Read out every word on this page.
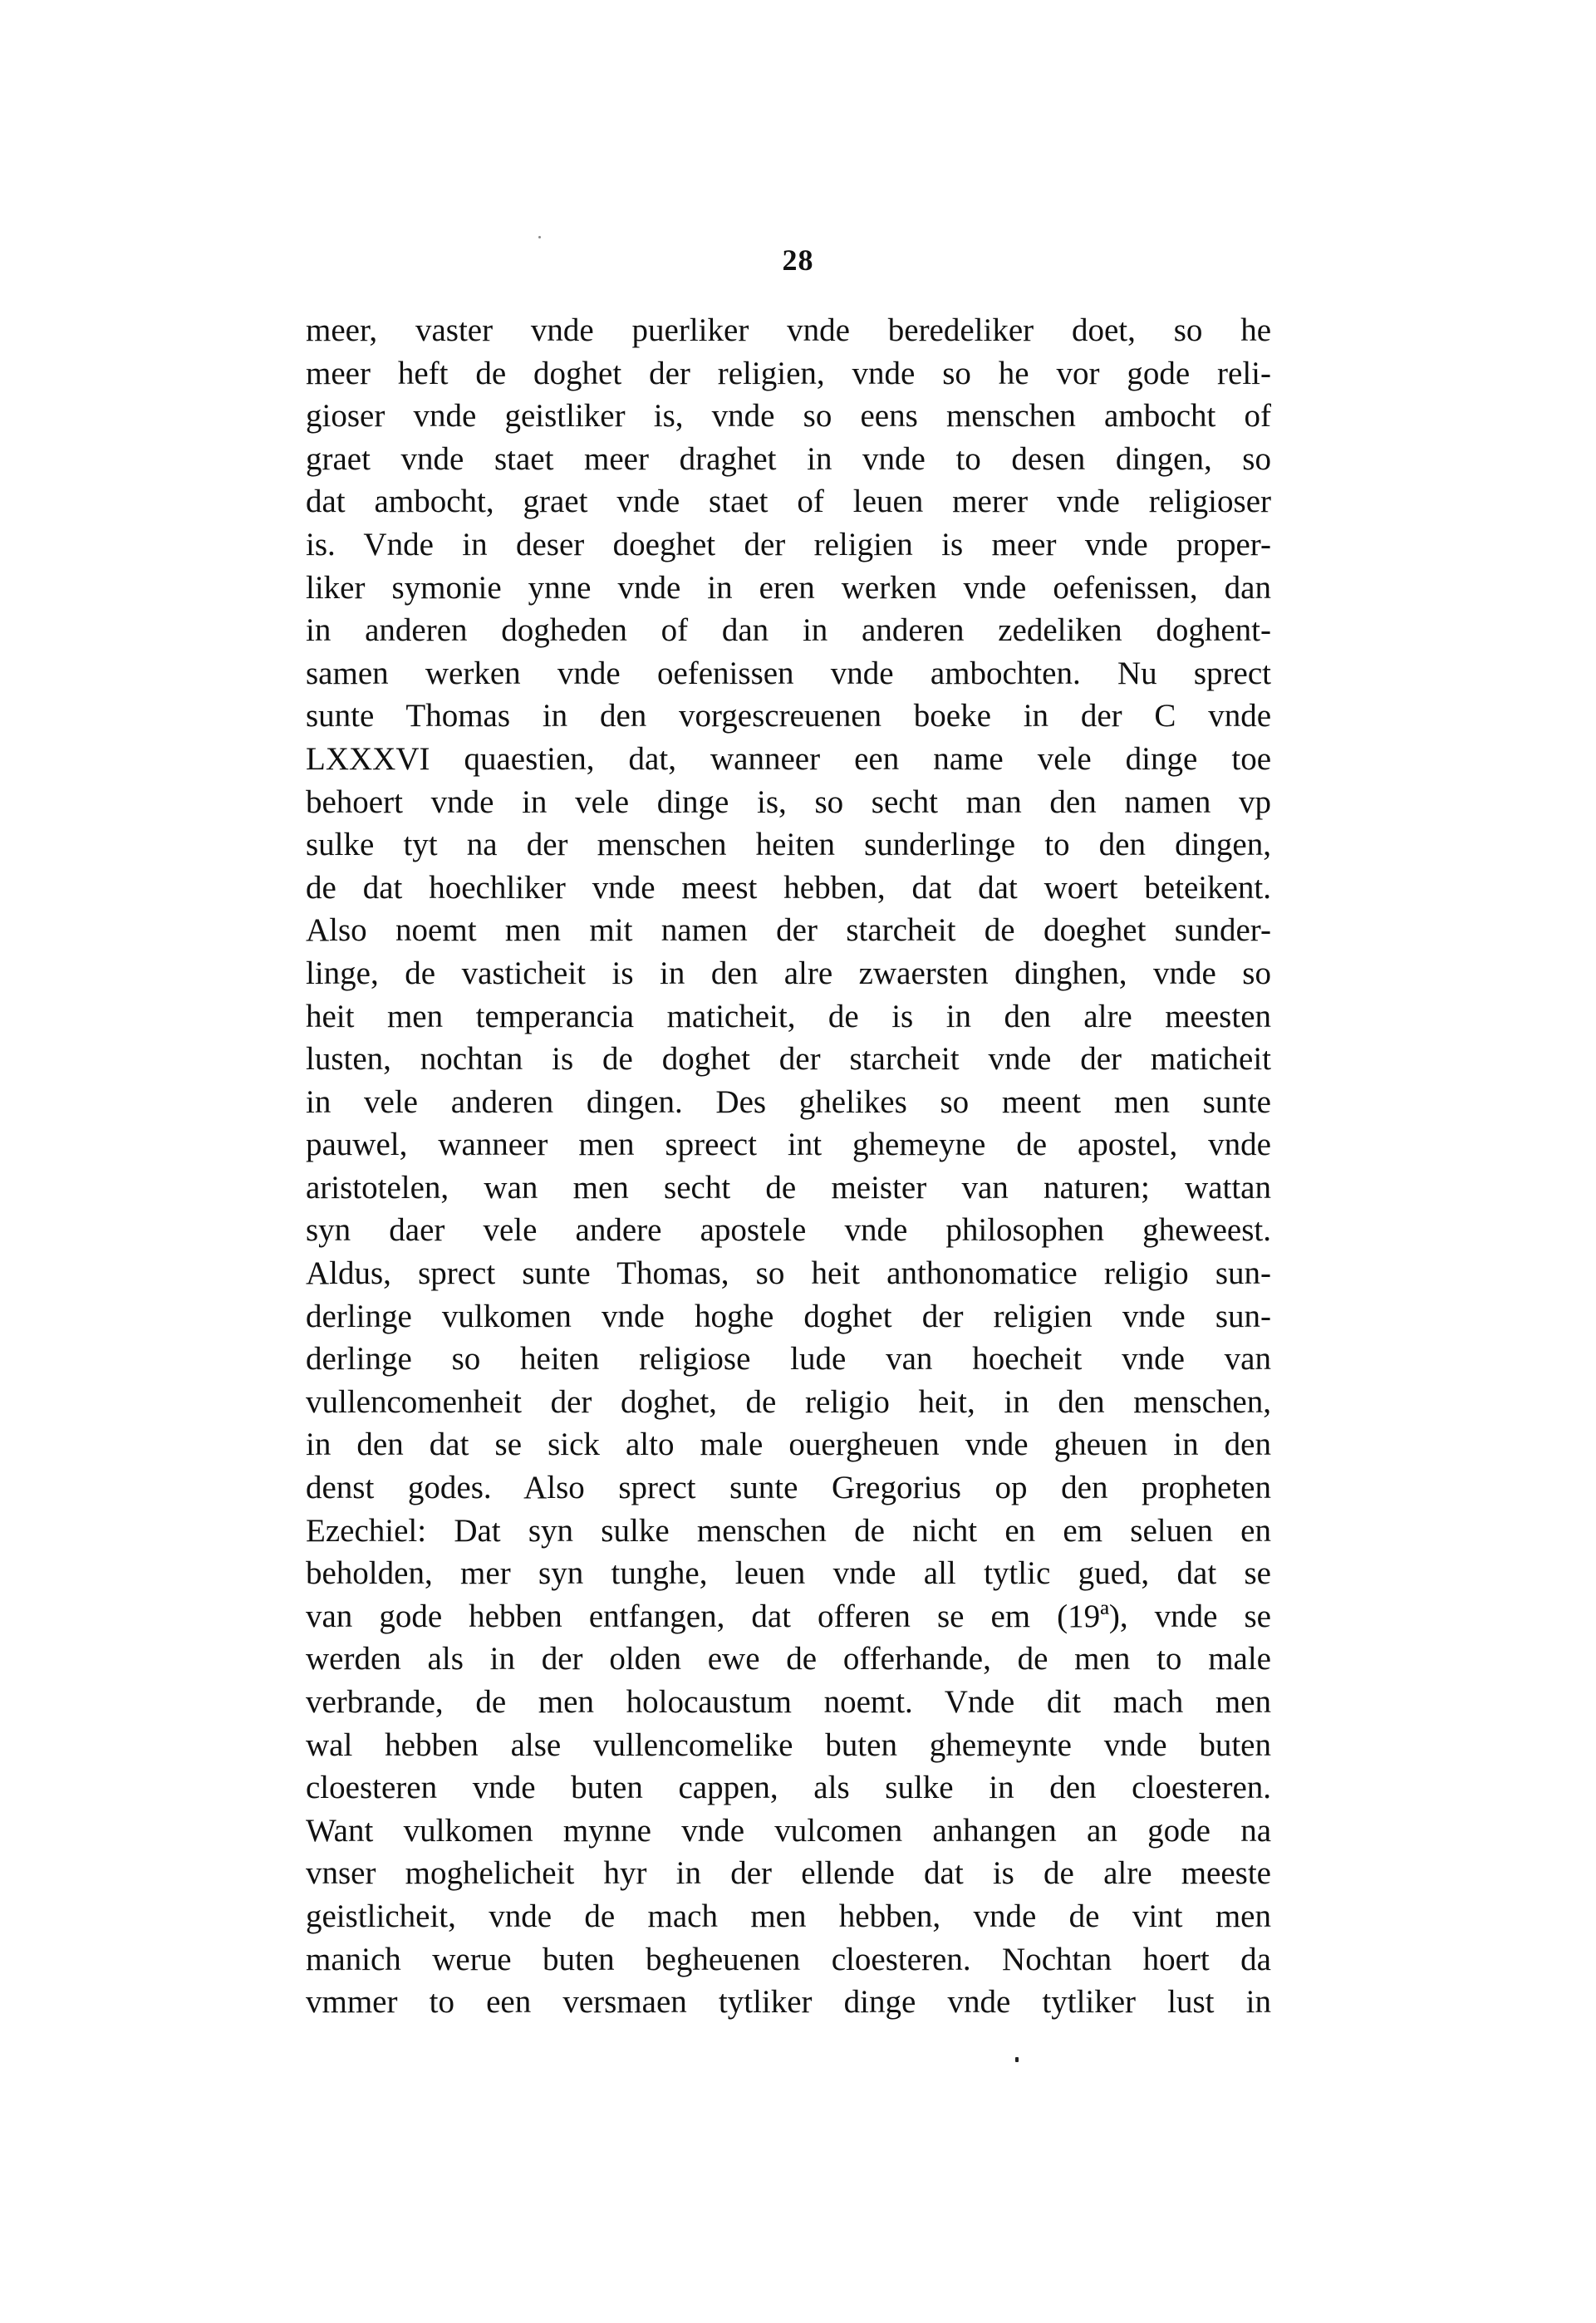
28
meer, vaster vnde puerliker vnde beredeliker doet, so he
meer heft de doghet der religien, vnde so he vor gode reli-
gioser vnde geistliker is, vnde so eens menschen ambocht of
graet vnde staet meer draghet in vnde to desen dingen, so
dat ambocht, graet vnde staet of leuen merer vnde religioser
is. Vnde in deser doeghet der religien is meer vnde proper-
liker symonie ynne vnde in eren werken vnde oefenissen, dan
in anderen dogheden of dan in anderen zedeliken doghent-
samen werken vnde oefenissen vnde ambochten. Nu sprect
sunte Thomas in den vorgescreuenen boeke in der C vnde
LXXXVI quaestien, dat, wanneer een name vele dinge toe
behoert vnde in vele dinge is, so secht man den namen vp
sulke tyt na der menschen heiten sunderlinge to den dingen,
de dat hoechliker vnde meest hebben, dat dat woert beteikent.
Also noemt men mit namen der starcheit de doeghet sunder-
linge, de vasticheit is in den alre zwaersten dinghen, vnde so
heit men temperancia maticheit, de is in den alre meesten
lusten, nochtan is de doghet der starcheit vnde der maticheit
in vele anderen dingen. Des ghelikes so meent men sunte
pauwel, wanneer men spreect int ghemeyne de apostel, vnde
aristotelen, wan men secht de meister van naturen; wattan
syn daer vele andere apostele vnde philosophen gheweest.
Aldus, sprect sunte Thomas, so heit anthonomatice religio sun-
derlinge vulkomen vnde hoghe doghet der religien vnde sun-
derlinge so heiten religiose lude van hoecheit vnde van
vullencomenheit der doghet, de religio heit, in den menschen,
in den dat se sick alto male ouergheuen vnde gheuen in den
denst godes. Also sprect sunte Gregorius op den propheten
Ezechiel: Dat syn sulke menschen de nicht en em seluen en
beholden, mer syn tunghe, leuen vnde all tytlic gued, dat se
van gode hebben entfangen, dat offeren se em (19ª), vnde se
werden als in der olden ewe de offerhande, de men to male
verbrande, de men holocaustum noemt. Vnde dit mach men
wal hebben alse vullencomelike buten ghemeynte vnde buten
cloesteren vnde buten cappen, als sulke in den cloesteren.
Want vulkomen mynne vnde vulcomen anhangen an gode na
vnser moghelicheit hyr in der ellende dat is de alre meeste
geistlicheit, vnde de mach men hebben, vnde de vint men
manich werue buten begheuenen cloesteren. Nochtan hoert da
vmmer to een versmaen tytliker dinge vnde tytliker lust in
